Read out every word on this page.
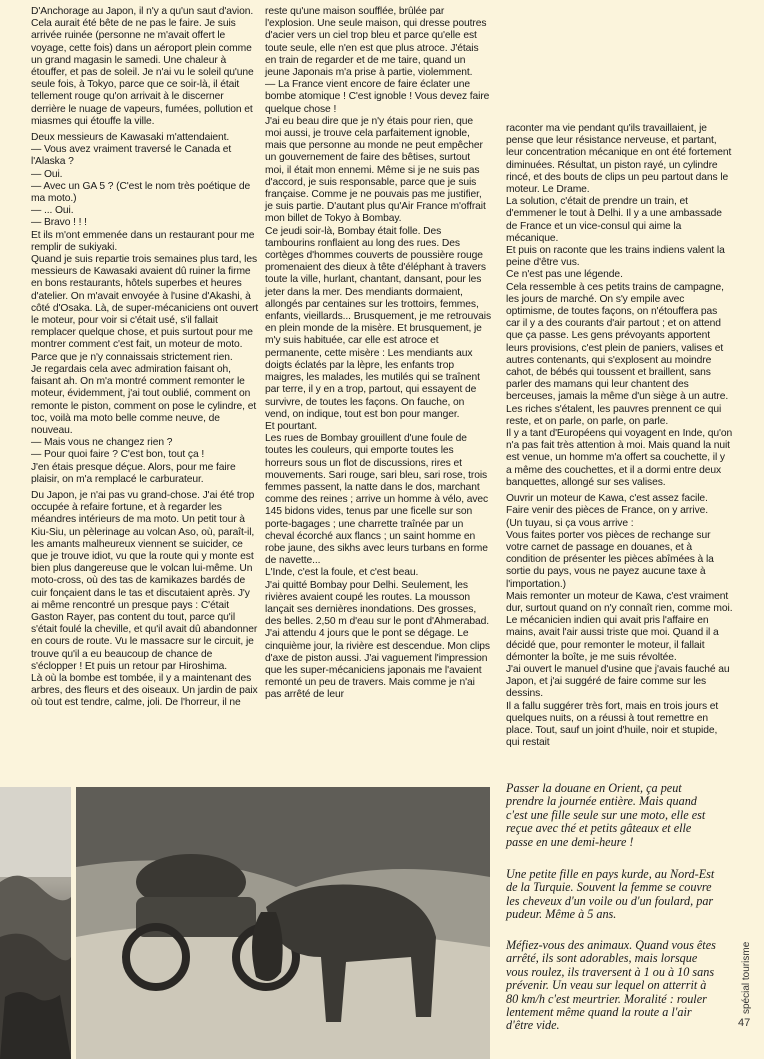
D'Anchorage au Japon, il n'y a qu'un saut d'avion. Cela aurait été bête de ne pas le faire. Je suis arrivée ruinée (personne ne m'avait offert le voyage, cette fois) dans un aéroport plein comme un grand magasin le samedi. Une chaleur à étouffer, et pas de soleil. Je n'ai vu le soleil qu'une seule fois, à Tokyo, parce que ce soir-là, il était tellement rouge qu'on arrivait à le discerner derrière le nuage de vapeurs, fumées, pollution et miasmes qui étouffe la ville.

Deux messieurs de Kawasaki m'attendaient.
— Vous avez vraiment traversé le Canada et l'Alaska ?
— Oui.
— Avec un GA 5 ? (C'est le nom très poétique de ma moto.)
— ... Oui.
— Bravo ! ! !
Et ils m'ont emmenée dans un restaurant pour me remplir de sukiyaki.
Quand je suis repartie trois semaines plus tard, les messieurs de Kawasaki avaient dû ruiner la firme en bons restaurants, hôtels superbes et heures d'atelier. On m'avait envoyée à l'usine d'Akashi, à côté d'Osaka. Là, de super-mécaniciens ont ouvert le moteur, pour voir si c'était usé, s'il fallait remplacer quelque chose, et puis surtout pour me montrer comment c'est fait, un moteur de moto. Parce que je n'y connaissais strictement rien.
Je regardais cela avec admiration faisant oh, faisant ah. On m'a montré comment remonter le moteur, évidemment, j'ai tout oublié, comment on remonte le piston, comment on pose le cylindre, et toc, voilà ma moto belle comme neuve, de nouveau.
— Mais vous ne changez rien ?
— Pour quoi faire ? C'est bon, tout ça !
J'en étais presque déçue. Alors, pour me faire plaisir, on m'a remplacé le carburateur.

Du Japon, je n'ai pas vu grand-chose. J'ai été trop occupée à refaire fortune, et à regarder les méandres intérieurs de ma moto. Un petit tour à Kiu-Siu, un pèlerinage au volcan Aso, où, paraît-il, les amants malheureux viennent se suicider, ce que je trouve idiot, vu que la route qui y monte est bien plus dangereuse que le volcan lui-même. Un moto-cross, où des tas de kamikazes bardés de cuir fonçaient dans le tas et discutaient après. J'y ai même rencontré un presque pays : C'était Gaston Rayer, pas content du tout, parce qu'il s'était foulé la cheville, et qu'il avait dû abandonner en cours de route. Vu le massacre sur le circuit, je trouve qu'il a eu beaucoup de chance de s'éclopper ! Et puis un retour par Hiroshima.
Là où la bombe est tombée, il y a maintenant des arbres, des fleurs et des oiseaux. Un jardin de paix où tout est tendre, calme, joli. De l'horreur, il ne

reste qu'une maison soufflée, brûlée par l'explosion. Une seule maison, qui dresse poutres d'acier vers un ciel trop bleu et parce qu'elle est toute seule, elle n'en est que plus atroce. J'étais en train de regarder et de me taire, quand un jeune Japonais m'a prise à partie, violemment.
— La France vient encore de faire éclater une bombe atomique ! C'est ignoble ! Vous devez faire quelque chose !
J'ai eu beau dire que je n'y étais pour rien, que moi aussi, je trouve cela parfaitement ignoble, mais que personne au monde ne peut empêcher un gouvernement de faire des bêtises, surtout moi, il était mon ennemi. Même si je ne suis pas d'accord, je suis responsable, parce que je suis française. Comme je ne pouvais pas me justifier, je suis partie. D'autant plus qu'Air France m'offrait mon billet de Tokyo à Bombay.
Ce jeudi soir-là, Bombay était folle. Des tambourins ronflaient au long des rues. Des cortèges d'hommes couverts de poussière rouge promenaient des dieux à tête d'éléphant à travers toute la ville, hurlant, chantant, dansant, pour les jeter dans la mer. Des mendiants dormaient, allongés par centaines sur les trottoirs, femmes, enfants, vieillards... Brusquement, je me retrouvais en plein monde de la misère. Et brusquement, je m'y suis habituée, car elle est atroce et permanente, cette misère : Les mendiants aux doigts éclatés par la lèpre, les enfants trop maigres, les malades, les mutilés qui se traînent par terre, il y en a trop, partout, qui essayent de survivre, de toutes les façons. On fauche, on vend, on indique, tout est bon pour manger.
Et pourtant.
Les rues de Bombay grouillent d'une foule de toutes les couleurs, qui emporte toutes les horreurs sous un flot de discussions, rires et mouvements. Sari rouge, sari bleu, sari rose, trois femmes passent, la natte dans le dos, marchant comme des reines ; arrive un homme à vélo, avec 145 bidons vides, tenus par une ficelle sur son porte-bagages ; une charrette traînée par un cheval écorché aux flancs ; un saint homme en robe jaune, des sikhs avec leurs turbans en forme de navette...
L'Inde, c'est la foule, et c'est beau.
J'ai quitté Bombay pour Delhi. Seulement, les rivières avaient coupé les routes. La mousson lançait ses dernières inondations. Des grosses, des belles. 2,50 m d'eau sur le pont d'Ahmerabad. J'ai attendu 4 jours que le pont se dégage. Le cinquième jour, la rivière est descendue. Mon clips d'axe de piston aussi. J'ai vaguement l'impression que les super-mécaniciens japonais me l'avaient remonté un peu de travers. Mais comme je n'ai pas arrêté de leur

raconter ma vie pendant qu'ils travaillaient, je pense que leur résistance nerveuse, et partant, leur concentration mécanique en ont été fortement diminuées. Résultat, un piston rayé, un cylindre rincé, et des bouts de clips un peu partout dans le moteur. Le Drame.
La solution, c'était de prendre un train, et d'emmener le tout à Delhi. Il y a une ambassade de France et un vice-consul qui aime la mécanique.
Et puis on raconte que les trains indiens valent la peine d'être vus.
Ce n'est pas une légende.
Cela ressemble à ces petits trains de campagne, les jours de marché. On s'y empile avec optimisme, de toutes façons, on n'étouffera pas car il y a des courants d'air partout ; et on attend que ça passe. Les gens prévoyants apportent leurs provisions, c'est plein de paniers, valises et autres contenants, qui s'explosent au moindre cahot, de bébés qui toussent et braillent, sans parler des mamans qui leur chantent des berceuses, jamais la même d'un siège à un autre. Les riches s'étalent, les pauvres prennent ce qui reste, et on parle, on parle, on parle.
Il y a tant d'Européens qui voyagent en Inde, qu'on n'a pas fait très attention à moi. Mais quand la nuit est venue, un homme m'a offert sa couchette, il y a même des couchettes, et il a dormi entre deux banquettes, allongé sur ses valises.

Ouvrir un moteur de Kawa, c'est assez facile. Faire venir des pièces de France, on y arrive.
(Un tuyau, si ça vous arrive :
Vous faites porter vos pièces de rechange sur votre carnet de passage en douanes, et à condition de présenter les pièces abîmées à la sortie du pays, vous ne payez aucune taxe à l'importation.)
Mais remonter un moteur de Kawa, c'est vraiment dur, surtout quand on n'y connaît rien, comme moi. Le mécanicien indien qui avait pris l'affaire en mains, avait l'air aussi triste que moi. Quand il a décidé que, pour remonter le moteur, il fallait démonter la boîte, je me suis révoltée.
J'ai ouvert le manuel d'usine que j'avais fauché au Japon, et j'ai suggéré de faire comme sur les dessins.
Il a fallu suggérer très fort, mais en trois jours et quelques nuits, on a réussi à tout remettre en place. Tout, sauf un joint d'huile, noir et stupide, qui restait

Passer la douane en Orient, ça peut prendre la journée entière. Mais quand c'est une fille seule sur une moto, elle est reçue avec thé et petits gâteaux et elle passe en une demi-heure !

Une petite fille en pays kurde, au Nord-Est de la Turquie. Souvent la femme se couvre les cheveux d'un voile ou d'un foulard, par pudeur. Même à 5 ans.

Méfiez-vous des animaux. Quand vous êtes arrêté, ils sont adorables, mais lorsque vous roulez, ils traversent à 1 ou à 10 sans prévenir. Un veau sur lequel on atterrit à 80 km/h c'est meurtrier. Moralité : rouler lentement même quand la route a l'air d'être vide.

spécial tourisme
47
